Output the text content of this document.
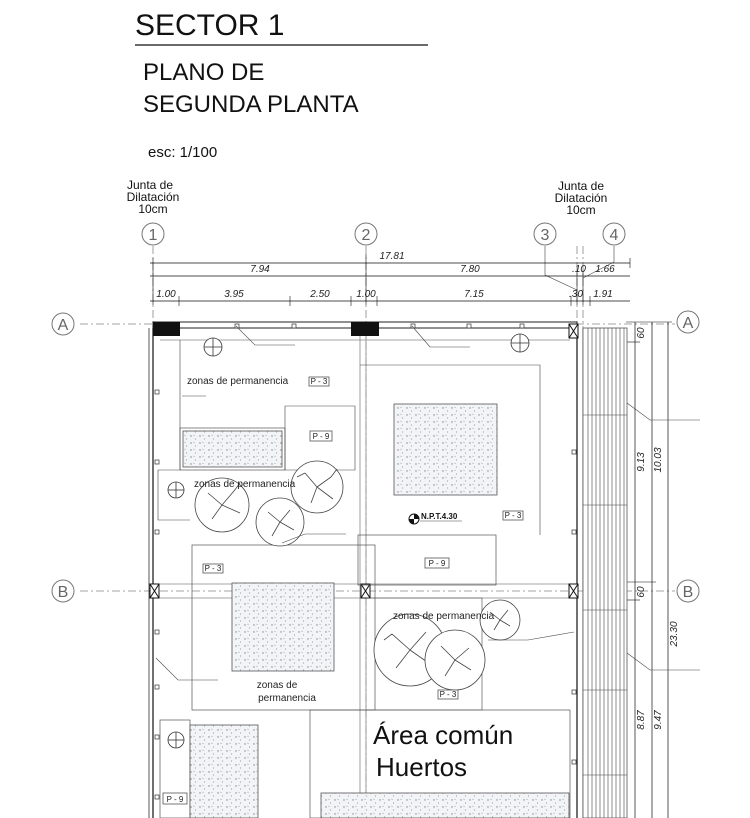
SECTOR 1
PLANO DE
SEGUNDA PLANTA
esc: 1/100
Junta de
Dilatación
10cm
Junta de
Dilatación
10cm
1	2	3	4
A	A
B	B
17.81
7.94	7.80	.10 1.66
1.00	3.95	2.50	1.00	7.15	.30 1.91
60
9.13 10.03
60
23.30
8.87 9.47
zonas de permanencia
zonas de permanencia
zonas de permanencia
zonas de
permanencia
P - 3
P - 9
P - 3
P - 9
P - 3
P - 3
P - 9
N.P.T.4.30
Área común
Huertos
